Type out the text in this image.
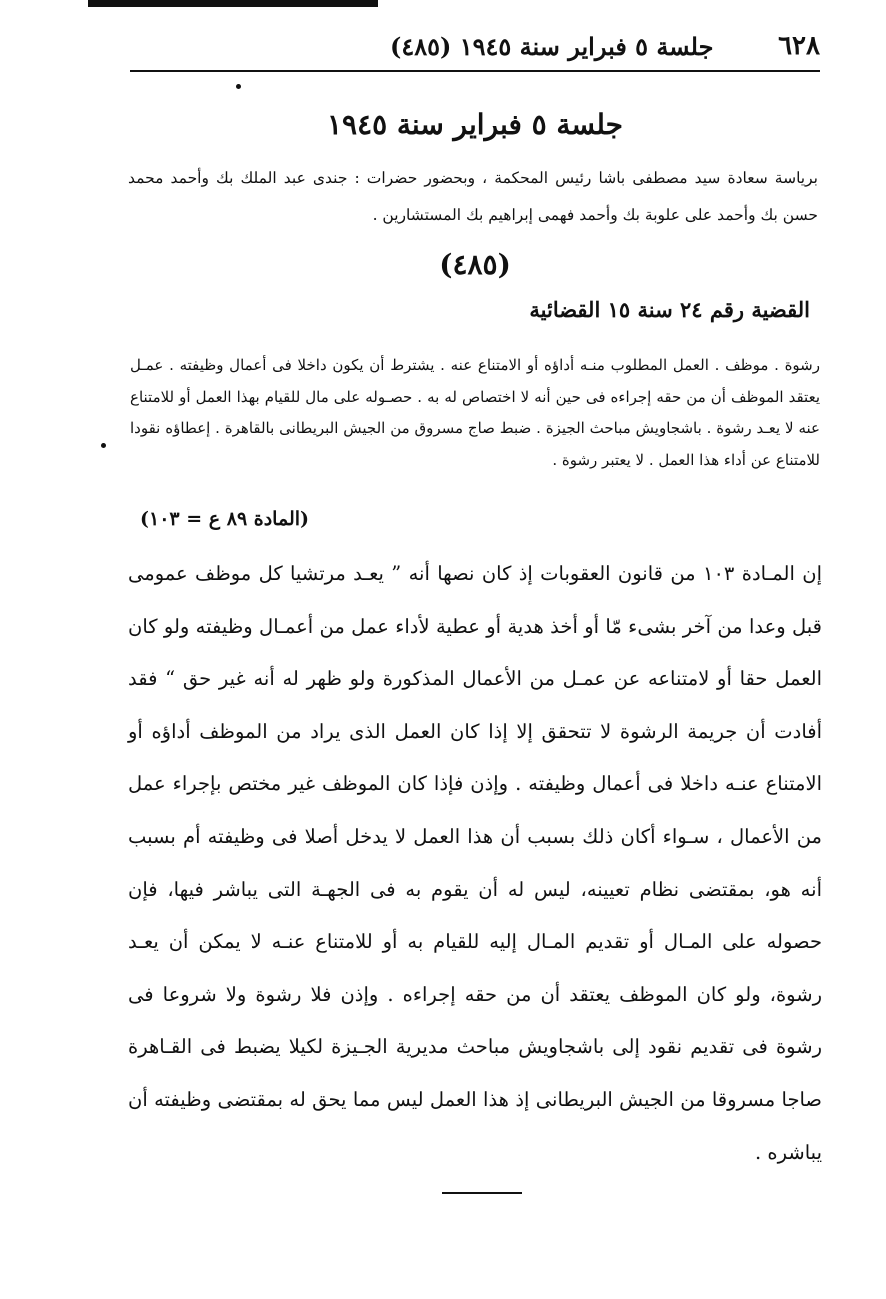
٦٢٨
جلسة ٥ فبراير سنة ١٩٤٥ (٤٨٥)
جلسة ٥ فبراير سنة ١٩٤٥
برياسة سعادة سيد مصطفى باشا رئيس المحكمة ، وبحضور حضرات : جندى عبد الملك بك وأحمد محمد حسن بك وأحمد على علوبة بك وأحمد فهمى إبراهيم بك المستشارين .
(٤٨٥)
القضية رقم ٢٤ سنة ١٥ القضائية
رشوة . موظف . العمل المطلوب منـه أداؤه أو الامتناع عنه . يشترط أن يكون داخلا فى أعمال وظيفته . عمـل يعتقد الموظف أن من حقه إجراءه فى حين أنه لا اختصاص له به . حصـوله على مال للقيام بهذا العمل أو للامتناع عنه لا يعـد رشوة . باشجاويش مباحث الجيزة . ضبط صاج مسروق من الجيش البريطانى بالقاهرة . إعطاؤه نقودا للامتناع عن أداء هذا العمل . لا يعتبر رشوة .
(المادة ٨٩ ع = ١٠٣)
إن المـادة ١٠٣ من قانون العقوبات إذ كان نصها أنه ” يعـد مرتشيا كل موظف عمومى قبل وعدا من آخر بشىء مّا أو أخذ هدية أو عطية لأداء عمل من أعمـال وظيفته ولو كان العمل حقا أو لامتناعه عن عمـل من الأعمال المذكورة ولو ظهر له أنه غير حق “ فقد أفادت أن جريمة الرشوة لا تتحقق إلا إذا كان العمل الذى يراد من الموظف أداؤه أو الامتناع عنـه داخلا فى أعمال وظيفته . وإذن فإذا كان الموظف غير مختص بإجراء عمل من الأعمال ، سـواء أكان ذلك بسبب أن هذا العمل لا يدخل أصلا فى وظيفته أم بسبب أنه هو، بمقتضى نظام تعيينه، ليس له أن يقوم به فى الجهـة التى يباشر فيها، فإن حصوله على المـال أو تقديم المـال إليه للقيام به أو للامتناع عنـه لا يمكن أن يعـد رشوة، ولو كان الموظف يعتقد أن من حقه إجراءه . وإذن فلا رشوة ولا شروعا فى رشوة فى تقديم نقود إلى باشجاويش مباحث مديرية الجـيزة لكيلا يضبط فى القـاهرة صاجا مسروقا من الجيش البريطانى إذ هذا العمل ليس مما يحق له بمقتضى وظيفته أن يباشره .
